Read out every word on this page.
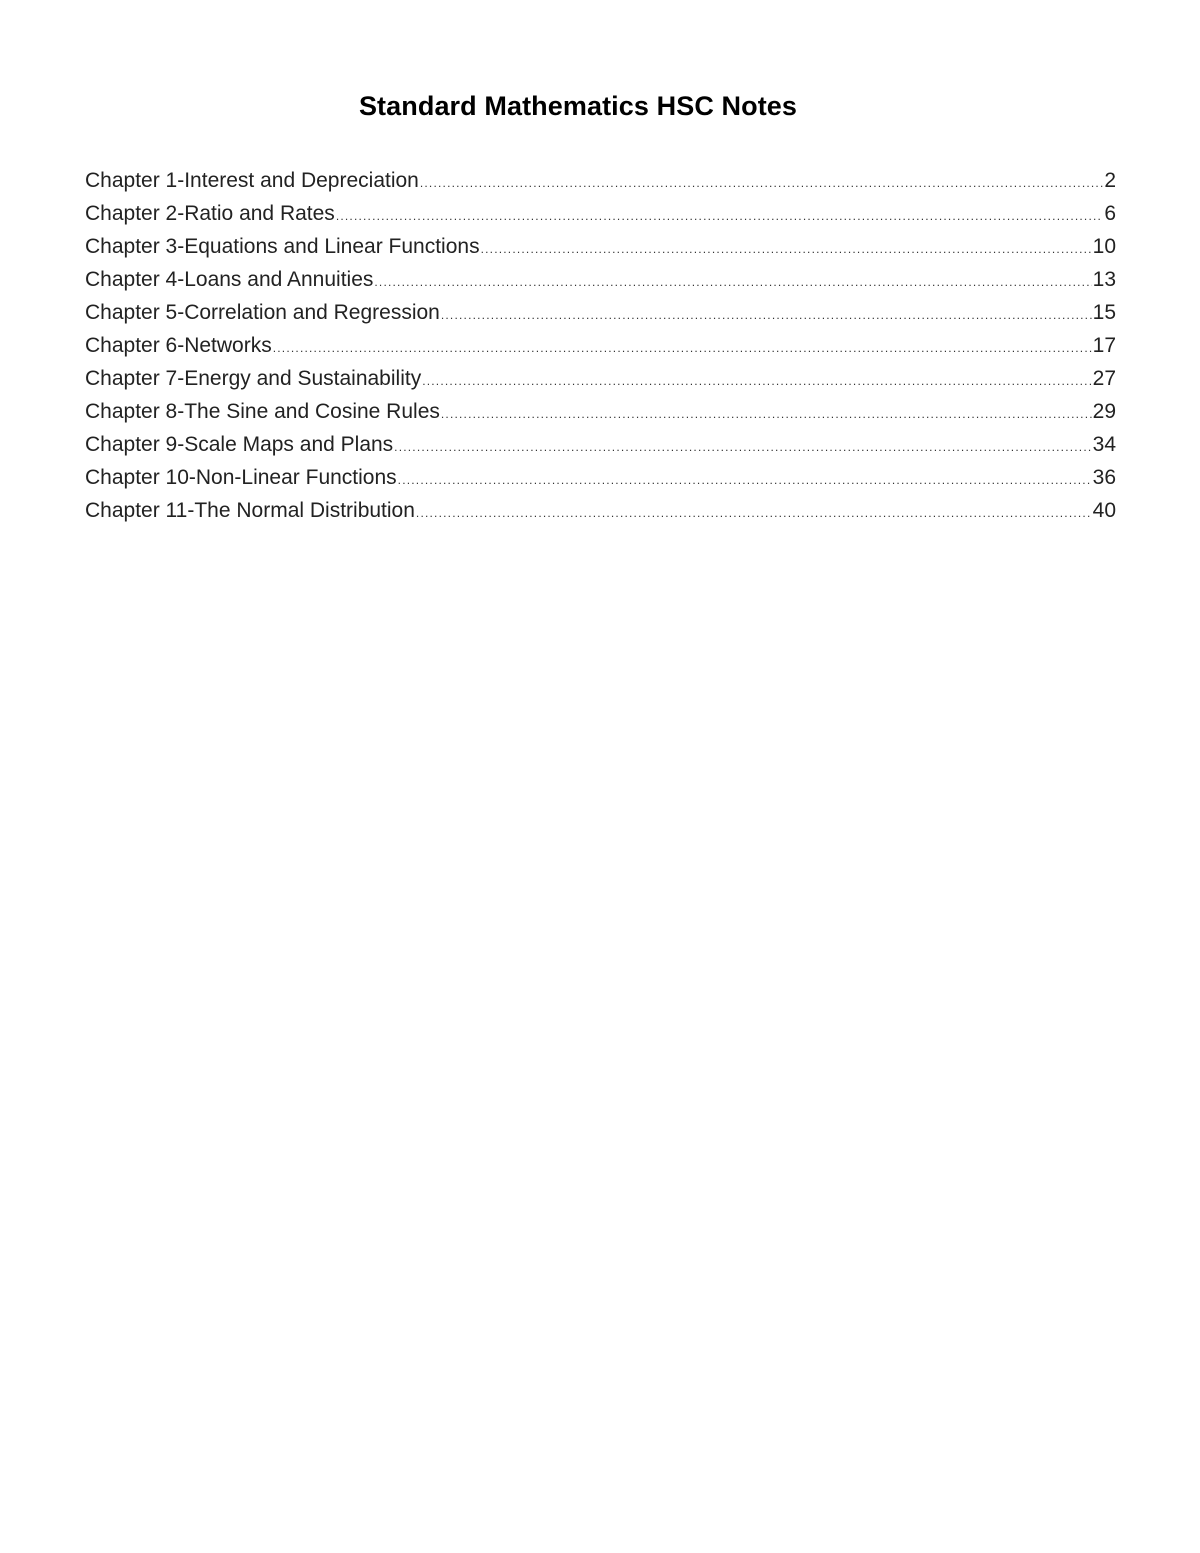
Standard Mathematics HSC Notes
Chapter 1-Interest and Depreciation .....	2
Chapter 2-Ratio and Rates .....	6
Chapter 3-Equations and Linear Functions .....	10
Chapter 4-Loans and Annuities .....	13
Chapter 5-Correlation and Regression .....	15
Chapter 6-Networks .....	17
Chapter 7-Energy and Sustainability .....	27
Chapter 8-The Sine and Cosine Rules .....	29
Chapter 9-Scale Maps and Plans .....	34
Chapter 10-Non-Linear Functions .....	36
Chapter 11-The Normal Distribution .....	40
